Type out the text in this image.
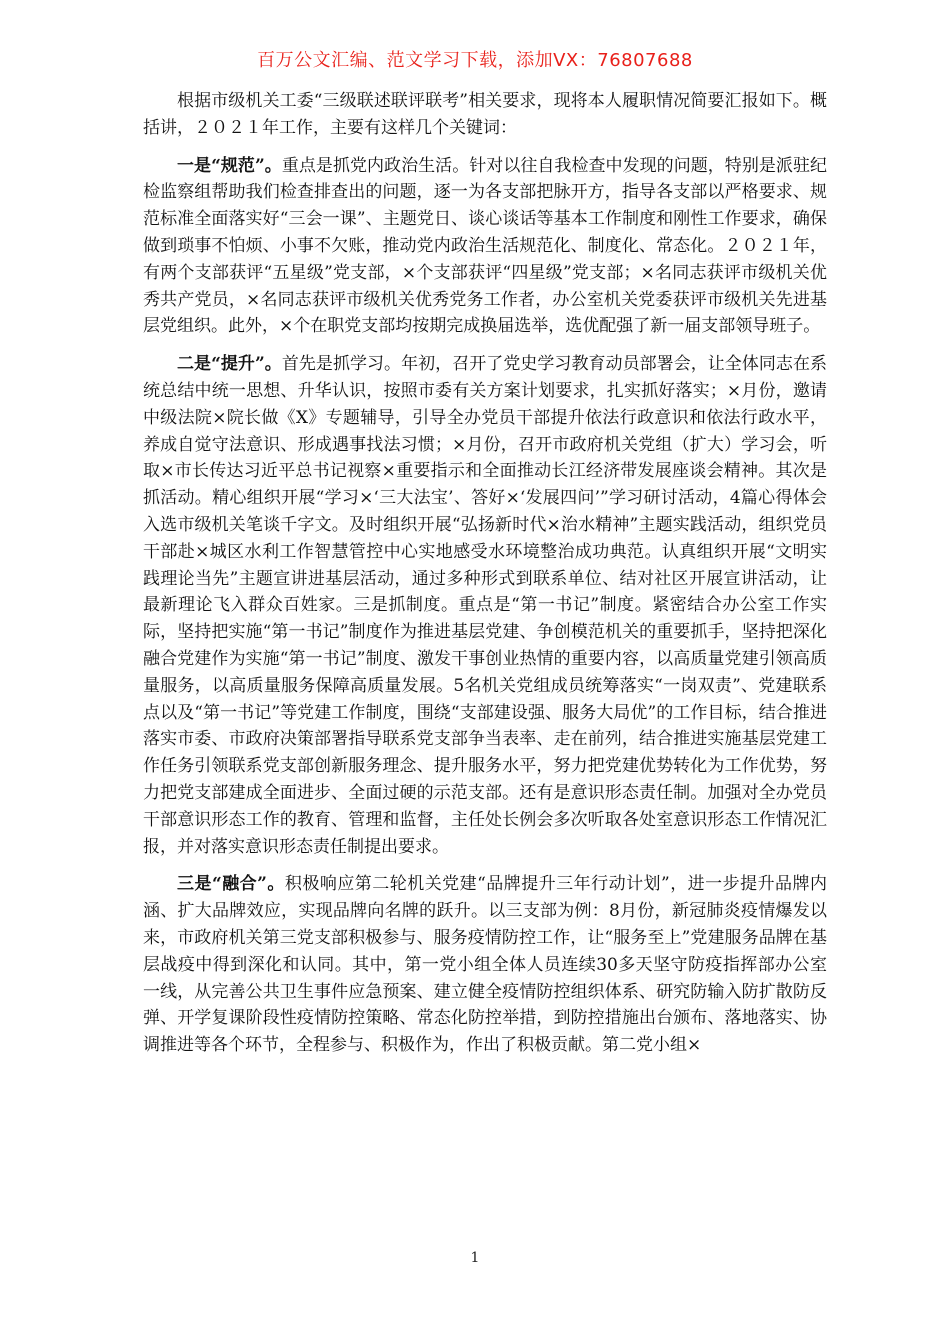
百万公文汇编、范文学习下载，添加VX：76807688

根据市级机关工委“三级联述联评联考”相关要求，现将本人履职情况简要汇报如下。概括讲，２０２１年工作，主要有这样几个关键词：

一是“规范”。重点是抓党内政治生活。针对以往自我检查中发现的问题，特别是派驻纪检监察组帮助我们检查排查出的问题，逐一为各支部把脉开方，指导各支部以严格要求、规范标准全面落实好“三会一课”、主题党日、谈心谈话等基本工作制度和刚性工作要求，确保做到琐事不怕烦、小事不欠账，推动党内政治生活规范化、制度化、常态化。２０２１年，有两个支部获评“五星级”党支部，×个支部获评“四星级”党支部；×名同志获评市级机关优秀共产党员，×名同志获评市级机关优秀党务工作者，办公室机关党委获评市级机关先进基层党组织。此外，×个在职党支部均按期完成换届选举，选优配强了新一届支部领导班子。

二是“提升”。首先是抓学习。年初，召开了党史学习教育动员部署会，让全体同志在系统总结中统一思想、升华认识，按照市委有关方案计划要求，扎实抓好落实；×月份，邀请中级法院×院长做《X》专题辅导，引导全办党员干部提升依法行政意识和依法行政水平，养成自觉守法意识、形成遇事找法习惯；×月份，召开市政府机关党组（扩大）学习会，听取×市长传达习近平总书记视察×重要指示和全面推动长江经济带发展座谈会精神。其次是抓活动。精心组织开展“学习×‘三大法宝’、答好×‘发展四问’”学习研讨活动，4篇心得体会入选市级机关笔谈千字文。及时组织开展“弘扬新时代×治水精神”主题实践活动，组织党员干部赴×城区水利工作智慧管控中心实地感受水环境整治成功典范。认真组织开展“文明实践理论当先”主题宣讲进基层活动，通过多种形式到联系单位、结对社区开展宣讲活动，让最新理论飞入群众百姓家。三是抓制度。重点是“第一书记”制度。紧密结合办公室工作实际，坚持把实施“第一书记”制度作为推进基层党建、争创模范机关的重要抓手，坚持把深化融合党建作为实施“第一书记”制度、激发干事创业热情的重要内容，以高质量党建引领高质量服务，以高质量服务保障高质量发展。5名机关党组成员统筹落实“一岗双责”、党建联系点以及“第一书记”等党建工作制度，围绕“支部建设强、服务大局优”的工作目标，结合推进落实市委、市政府决策部署指导联系党支部争当表率、走在前列，结合推进实施基层党建工作任务引领联系党支部创新服务理念、提升服务水平，努力把党建优势转化为工作优势，努力把党支部建成全面进步、全面过硬的示范支部。还有是意识形态责任制。加强对全办党员干部意识形态工作的教育、管理和监督，主任处长例会多次听取各处室意识形态工作情况汇报，并对落实意识形态责任制提出要求。

三是“融合”。积极响应第二轮机关党建“品牌提升三年行动计划”，进一步提升品牌内涵、扩大品牌效应，实现品牌向名牌的跃升。以三支部为例：8月份，新冠肺炎疫情爆发以来，市政府机关第三党支部积极参与、服务疫情防控工作，让“服务至上”党建服务品牌在基层战疫中得到深化和认同。其中，第一党小组全体人员连续30多天坚守防疫指挥部办公室一线，从完善公共卫生事件应急预案、建立健全疫情防控组织体系、研究防输入防扩散防反弹、开学复课阶段性疫情防控策略、常态化防控举措，到防控措施出台颁布、落地落实、协调推进等各个环节，全程参与、积极作为，作出了积极贡献。第二党小组×

1
